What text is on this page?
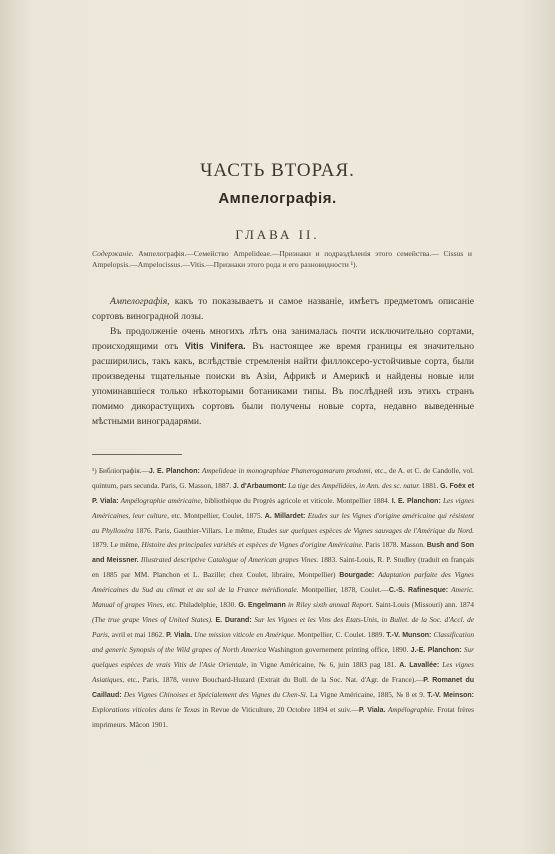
ЧАСТЬ ВТОРАЯ.
Ампелографія.
ГЛАВА II.
Содержаніе. Ампелографія.—Семейство Ampelideae.—Признаки и подраздѣленія этого семейства.— Cissus и Ampelopsis.—Ampelocissus.—Vitis.—Признаки этого рода и его разновидности ¹).

Ампелографія, какъ то показываетъ и самое названіе, имѣетъ предметомъ описаніе сортовъ виноградной лозы.

Въ продолженіе очень многихъ лѣтъ она занималась почти исключительно сортами, происходящими отъ Vitis Vinifera. Въ настоящее же время границы ея значительно расширились, такъ какъ, вслѣдствіе стремленія найти филлоксеро-устойчивые сорта, были произведены тщательные поиски въ Азіи, Африкѣ и Америкѣ и найдены новые или упоминавшіеся только нѣкоторыми ботаниками типы. Въ послѣдней изъ этихъ странъ помимо дикорастущихъ сортовъ были получены новые сорта, недавно выведенные мѣстными виноградарями.

¹) Библіографія.—J. E. Planchon: Ampelideae in monographiae Phanerogamarum prodomi, etc., de A. et C. de Candolle, vol. quintum, pars secunda. Paris, G. Masson, 1887. J. d'Arbaumont: La tige des Ampélidées, in Ann. des sc. natur. 1881. G. Foëx et P. Viala: Ampélographie américaine, bibliothèque du Progrès agricole et viticole. Montpellier 1884. I. E. Planchon: Les vignes Américaines, leur culture, etc. Montpellier, Coulet, 1875. A. Millardet: Etudes sur les Vignes d'origine américaine qui résistent au Phylloxéra 1876. Paris, Gauthier-Villars. Le même, Etudes sur quelques espèces de Vignes sauvages de l'Amérique du Nord. 1879. Le même, Histoire des principales variétés et espèces de Vignes d'origine Américaine. Paris 1878. Masson. Bush and Son and Meissner. Illustrated descriptive Catalogue of American grapes Vines. 1883. Saint-Louis, R. P. Studley (traduit en français en 1885 par MM. Planchon et L. Bazille; chez Coulet, libraire, Montpellier) Bourgade: Adaptation parfaite des Vignes Américaines du Sud au climat et au sol de la France méridionale. Montpellier, 1878, Coulet.—C.-S. Rafinesque: Americ. Manual of grapes Vines, etc. Philadelphie, 1830. G. Engelmann in Riley sixth annual Report. Saint-Louis (Missouri) ann. 1874 (The true grape Vines of United States). E. Durand: Sur les Vignes et les Vins des Etats-Unis, in Bullet. de la Soc. d'Accl. de Paris, avril et mai 1862. P. Viala. Une mission viticole en Amérique. Montpellier, C. Coulet. 1889. T.-V. Munson: Classification and generic Synopsis of the Wild grapes of North America Washington governement printing office, 1890. J.-E. Planchon: Sur quelques espèces de vrais Vitis de l'Asie Orientale, in Vigne Américaine, № 6, juin 1883 pag 181. A. Lavallée: Les vignes Asiatiques, etc., Paris, 1878, veuve Bouchard-Huzard (Extrait du Bull. de la Soc. Nat. d'Agr. de France).—P. Romanet du Caillaud: Des Vignes Chinoises et Spécialement des Vignes du Chen-Si. La Vigne Américaine, 1885, № 8 et 9. T.-V. Meinson: Explorations viticoles dans le Texas in Revue de Viticulture, 20 Octobre 1894 et suiv.—P. Viala. Ampélographie. Frotat frères imprimeurs. Mâcon 1901.
